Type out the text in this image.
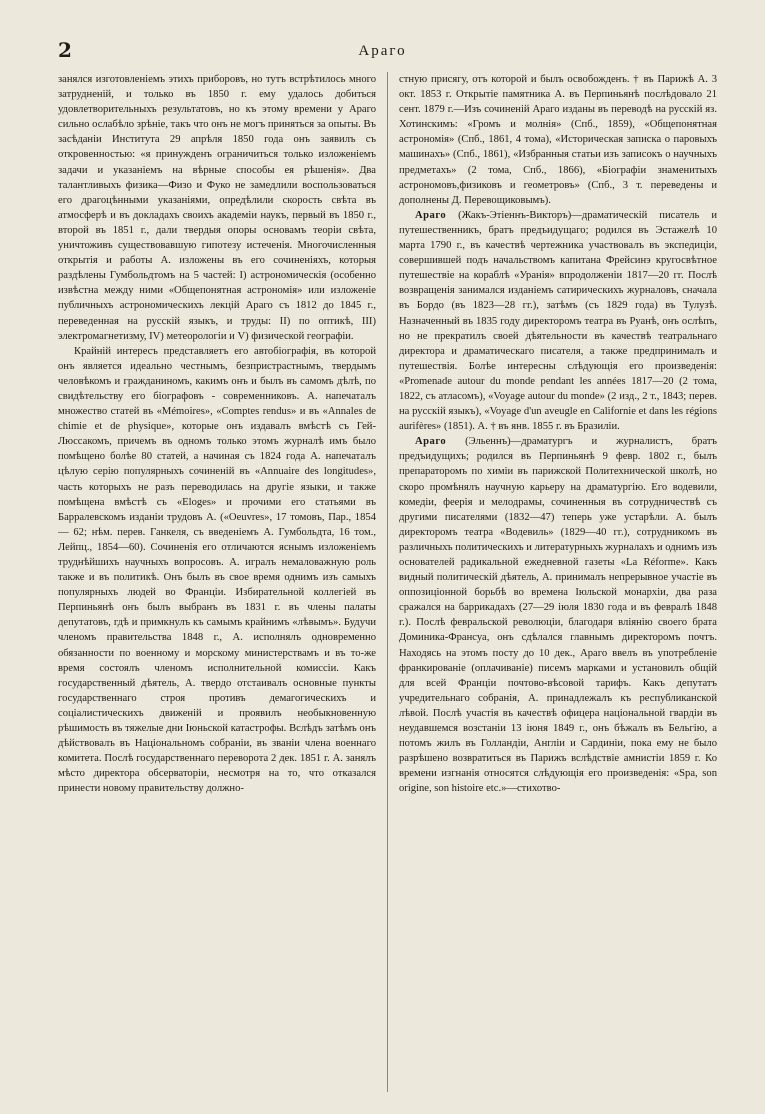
2	Араго

занялся изготовленіемъ этихъ приборовъ, но тутъ встрѣтилось много затрудненій, и только въ 1850 г. ему удалось добиться удовлетворительныхъ результатовъ, но къ этому времени у Араго сильно ослабѣло зрѣніе, такъ что онъ не могъ приняться за опыты. Въ засѣданіи Института 29 апрѣля 1850 года онъ заявилъ съ откровенностью: «я принужденъ ограничиться только изложеніемъ задачи и указаніемъ на вѣрные способы ея рѣшенія». Два талантливыхъ физика—Физо и Фуко не замедлили воспользоваться его драгоцѣнными указаніями, опредѣлили скорость свѣта въ атмосферѣ и въ докладахъ своихъ академіи наукъ, первый въ 1850 г., второй въ 1851 г., дали твердыя опоры основамъ теоріи свѣта, уничтоживъ существовавшую гипотезу истеченія. Многочисленныя открытія и работы А. изложены въ его сочиненіяхъ, которыя раздѣлены Гумбольдтомъ на 5 частей: I) астрономическія (особенно извѣстна между ними «Общепонятная астрономія» или изложеніе публичныхъ астрономическихъ лекцій Араго съ 1812 до 1845 г., переведенная на русскій языкъ, и труды: II) по оптикѣ, III) электромагнетизму, IV) метеорологіи и V) физической географіи.

Крайній интересъ представляетъ его автобіографія, въ которой онъ является идеально честнымъ, безпристрастнымъ, твердымъ человѣкомъ и гражданиномъ, какимъ онъ и былъ въ самомъ дѣлѣ, по свидѣтельству его біографовъ - современниковъ. А. напечаталъ множество статей въ «Mémoires», «Comptes rendus» и въ «Annales de chimie et de physique», которые онъ издавалъ вмѣстѣ съ Гей-Люссакомъ, причемъ въ одномъ только этомъ журналѣ имъ было помѣщено болѣе 80 статей, а начиная съ 1824 года А. напечаталъ цѣлую серію популярныхъ сочиненій въ «Annuaire des longitudes», часть которыхъ не разъ переводилась на другіе языки, и также помѣщена вмѣстѣ съ «Eloges» и прочими его статьями въ Барралевскомъ изданіи трудовъ А. («Oeuvres», 17 томовъ, Пар., 1854 — 62; нѣм. перев. Ганкеля, съ введеніемъ А. Гумбольдта, 16 том., Лейпц., 1854—60). Сочиненія его отличаются яснымъ изложеніемъ труднѣйшихъ научныхъ вопросовъ. А. игралъ немаловажную роль также и въ политикѣ. Онъ былъ въ свое время однимъ изъ самыхъ популярныхъ людей во Франціи. Избирательной коллегіей въ Перпиньянѣ онъ былъ выбранъ въ 1831 г. въ члены палаты депутатовъ, гдѣ и примкнулъ къ самымъ крайнимъ «лѣвымъ». Будучи членомъ правительства 1848 г., А. исполнялъ одновременно обязанности по военному и морскому министерствамъ и въ то-же время состоялъ членомъ исполнительной комиссіи. Какъ государственный дѣятель, А. твердо отстаивалъ основные пункты государственнаго строя противъ демагогическихъ и соціалистическихъ движеній и проявилъ необыкновенную рѣшимость въ тяжелые дни Іюньской катастрофы. Вслѣдъ затѣмъ онъ дѣйствовалъ въ Національномъ собраніи, въ званіи члена военнаго комитета. Послѣ государственнаго переворота 2 дек. 1851 г. А. занялъ мѣсто директора обсерваторіи, несмотря на то, что отказался принести новому правительству должно-

стную присягу, отъ которой и былъ освобожденъ. † въ Парижѣ А. 3 окт. 1853 г. Открытіе памятника А. въ Перпиньянѣ послѣдовало 21 сент. 1879 г.—Изъ сочиненій Араго изданы въ переводѣ на русскій яз. Хотинскимъ: «Громъ и молнія» (Спб., 1859), «Общепонятная астрономія» (Спб., 1861, 4 тома), «Историческая записка о паровыхъ машинахъ» (Спб., 1861), «Избранныя статьи изъ записокъ о научныхъ предметахъ» (2 тома, Спб., 1866), «Біографіи знаменитыхъ астрономовъ,физиковъ и геометровъ» (Спб., 3 т. переведены и дополнены Д. Перевощиковымъ).

Араго (Жакъ-Этіеннъ-Викторъ)—драматическій писатель и путешественникъ, братъ предъидущаго; родился въ Эстажелѣ 10 марта 1790 г., въ качествѣ чертежника участвовалъ въ экспедиціи, совершившей подъ начальствомъ капитана Фрейсинэ кругосвѣтное путешествіе на кораблѣ «Уранія» впродолженіи 1817—20 гг. Послѣ возвращенія занимался изданіемъ сатирическихъ журналовъ, сначала въ Бордо (въ 1823—28 гг.), затѣмъ (съ 1829 года) въ Тулузѣ. Назначенный въ 1835 году директоромъ театра въ Руанѣ, онъ ослѣпъ, но не прекратилъ своей дѣятельности въ качествѣ театральнаго директора и драматическаго писателя, а также предпринималъ и путешествія. Болѣе интересны слѣдующія его произведенія: «Promenade autour du monde pendant les années 1817—20 (2 тома, 1822, съ атласомъ), «Voyage autour du monde» (2 изд., 2 т., 1843; перев. на русскій языкъ), «Voyage d'un aveugle en Californie et dans les régions aurifères» (1851). А. † въ янв. 1855 г. въ Бразиліи.

Араго (Эльеннъ)—драматургъ и журналистъ, братъ предъидущихъ; родился въ Перпиньянѣ 9 февр. 1802 г., былъ препараторомъ по химіи въ парижской Политехнической школѣ, но скоро промѣнялъ научную карьеру на драматургію. Его водевили, комедіи, феерія и мелодрамы, сочиненныя въ сотрудничествѣ съ другими писателями (1832—47) теперь уже устарѣли. А. былъ директоромъ театра «Водевиль» (1829—40 гг.), сотрудникомъ въ различныхъ политическихъ и литературныхъ журналахъ и однимъ изъ основателей радикальной ежедневной газеты «La Réforme». Какъ видный политическій дѣятель, А. принималъ непрерывное участіе въ оппозиціонной борьбѣ во времена Іюльской монархіи, два раза сражался на баррикадахъ (27—29 іюля 1830 года и въ февралѣ 1848 г.). Послѣ февральской революціи, благодаря вліянію своего брата Доминика-Франсуа, онъ сдѣлался главнымъ директоромъ почтъ. Находясь на этомъ посту до 10 дек., Араго ввелъ въ употребленіе франкированіе (оплачиваніе) писемъ марками и установилъ общій для всей Франціи почтово-вѣсовой тарифъ. Какъ депутатъ учредительнаго собранія, А. принадлежалъ къ республиканской лѣвой. Послѣ участія въ качествѣ офицера національной гвардіи въ неудавшемся возстаніи 13 іюня 1849 г., онъ бѣжалъ въ Бельгію, а потомъ жилъ въ Голландіи, Англіи и Сардиніи, пока ему не было разрѣшено возвратиться въ Парижъ вслѣдствіе амнистіи 1859 г. Ко времени изгнанія относятся слѣдующія его произведенія: «Spa, son origine, son histoire etc.»—стихотво-
